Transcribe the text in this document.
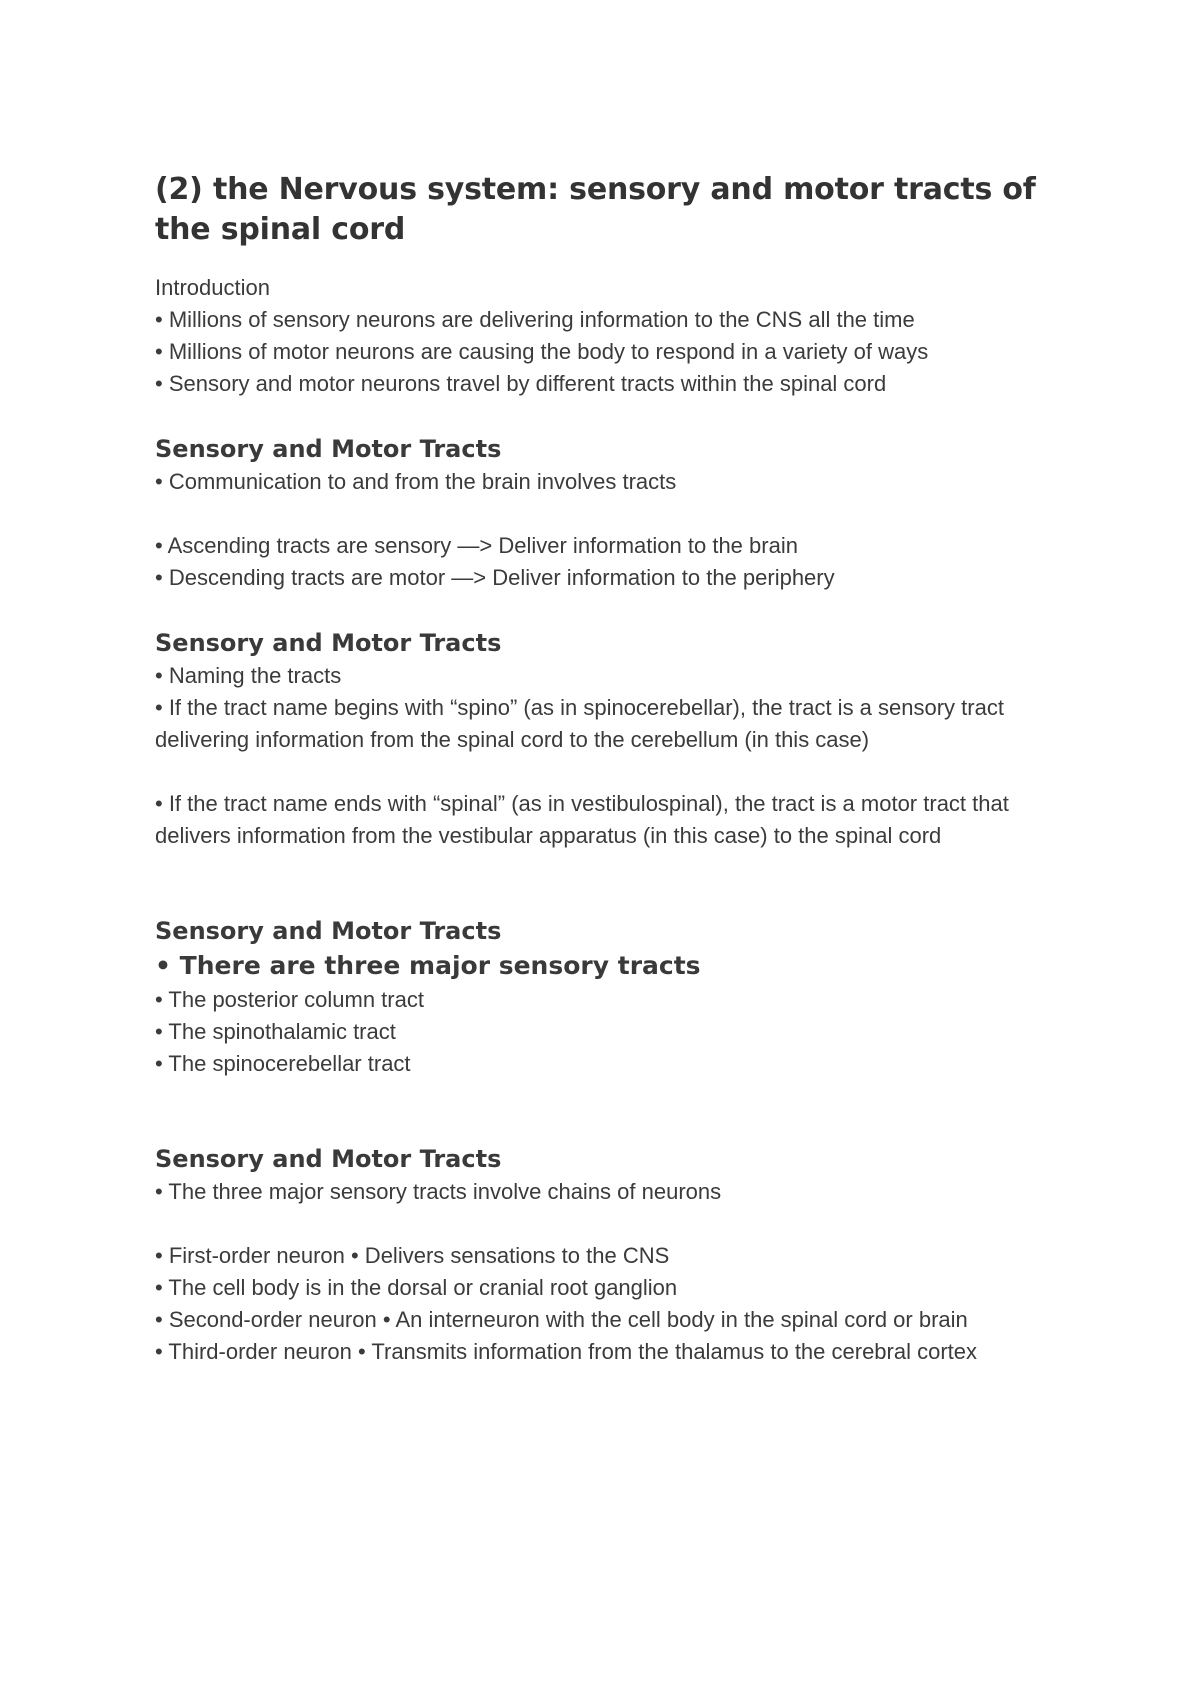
(2) the Nervous system: sensory and motor tracts of the spinal cord

Introduction

• Millions of sensory neurons are delivering information to the CNS all the time

• Millions of motor neurons are causing the body to respond in a variety of ways

• Sensory and motor neurons travel by different tracts within the spinal cord

Sensory and Motor Tracts

• Communication to and from the brain involves tracts

• Ascending tracts are sensory —> Deliver information to the brain

• Descending tracts are motor —> Deliver information to the periphery

Sensory and Motor Tracts

• Naming the tracts

• If the tract name begins with “spino” (as in spinocerebellar), the tract is a sensory tract delivering information from the spinal cord to the cerebellum (in this case)

• If the tract name ends with “spinal” (as in vestibulospinal), the tract is a motor tract that delivers information from the vestibular apparatus (in this case) to the spinal cord

Sensory and Motor Tracts

• There are three major sensory tracts

• The posterior column tract

• The spinothalamic tract

• The spinocerebellar tract

Sensory and Motor Tracts

• The three major sensory tracts involve chains of neurons

• First-order neuron • Delivers sensations to the CNS

• The cell body is in the dorsal or cranial root ganglion

• Second-order neuron • An interneuron with the cell body in the spinal cord or brain

• Third-order neuron • Transmits information from the thalamus to the cerebral cortex
